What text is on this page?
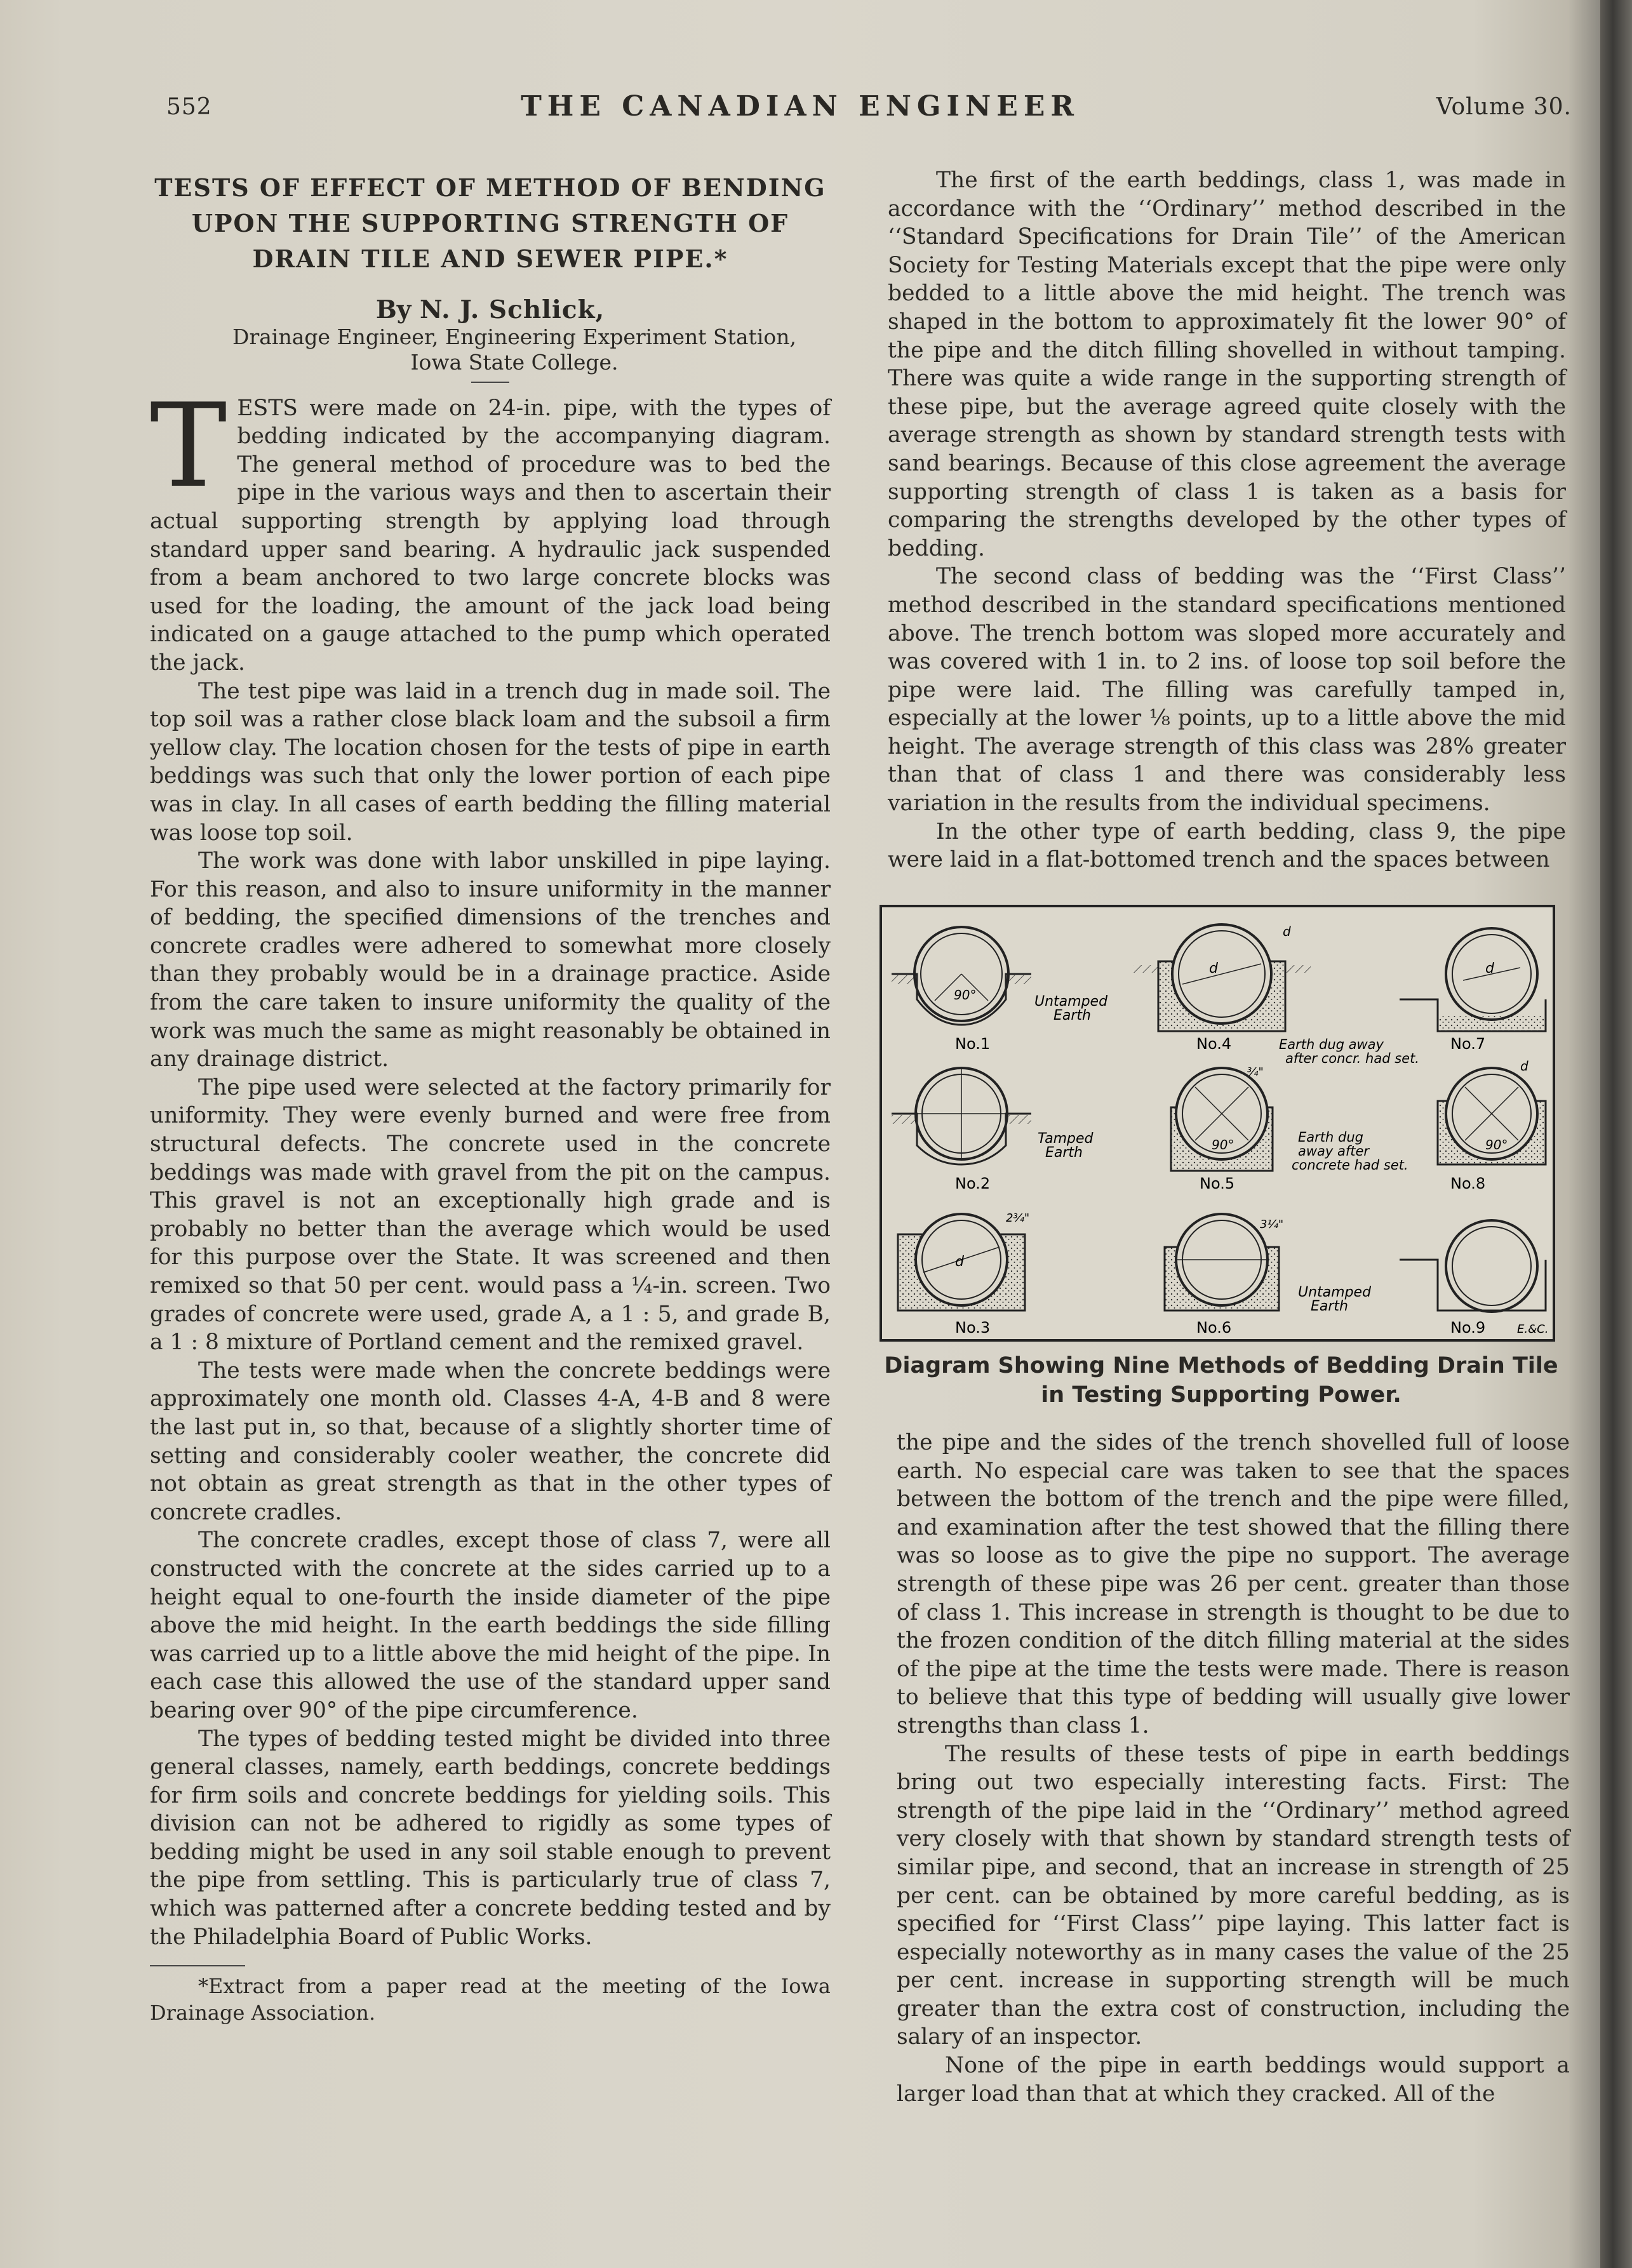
552	THE CANADIAN ENGINEER	Volume 30.
TESTS OF EFFECT OF METHOD OF BENDING UPON THE SUPPORTING STRENGTH OF DRAIN TILE AND SEWER PIPE.*

By N. J. Schlick,

Drainage Engineer, Engineering Experiment Station,

Iowa State College.

TESTS were made on 24-in. pipe, with the types of bedding indicated by the accompanying diagram. The general method of procedure was to bed the pipe in the various ways and then to ascertain their actual supporting strength by applying load through standard upper sand bearing. A hydraulic jack suspended from a beam anchored to two large concrete blocks was used for the loading, the amount of the jack load being indicated on a gauge attached to the pump which operated the jack.

The test pipe was laid in a trench dug in made soil. The top soil was a rather close black loam and the subsoil a firm yellow clay. The location chosen for the tests of pipe in earth beddings was such that only the lower portion of each pipe was in clay. In all cases of earth bedding the filling material was loose top soil.

The work was done with labor unskilled in pipe laying. For this reason, and also to insure uniformity in the manner of bedding, the specified dimensions of the trenches and concrete cradles were adhered to somewhat more closely than they probably would be in a drainage practice. Aside from the care taken to insure uniformity the quality of the work was much the same as might reasonably be obtained in any drainage district.

The pipe used were selected at the factory primarily for uniformity. They were evenly burned and were free from structural defects. The concrete used in the concrete beddings was made with gravel from the pit on the campus. This gravel is not an exceptionally high grade and is probably no better than the average which would be used for this purpose over the State. It was screened and then remixed so that 50 per cent. would pass a ¼-in. screen. Two grades of concrete were used, grade A, a 1 : 5, and grade B, a 1 : 8 mixture of Portland cement and the remixed gravel.

The tests were made when the concrete beddings were approximately one month old. Classes 4-A, 4-B and 8 were the last put in, so that, because of a slightly shorter time of setting and considerably cooler weather, the concrete did not obtain as great strength as that in the other types of concrete cradles.

The concrete cradles, except those of class 7, were all constructed with the concrete at the sides carried up to a height equal to one-fourth the inside diameter of the pipe above the mid height. In the earth beddings the side filling was carried up to a little above the mid height of the pipe. In each case this allowed the use of the standard upper sand bearing over 90° of the pipe circumference.

The types of bedding tested might be divided into three general classes, namely, earth beddings, concrete beddings for firm soils and concrete beddings for yielding soils. This division can not be adhered to rigidly as some types of bedding might be used in any soil stable enough to prevent the pipe from settling. This is particularly true of class 7, which was patterned after a concrete bedding tested and by the Philadelphia Board of Public Works.

*Extract from a paper read at the meeting of the Iowa Drainage Association.

The first of the earth beddings, class 1, was made in accordance with the ‘‘Ordinary’’ method described in the ‘‘Standard Specifications for Drain Tile’’ of the American Society for Testing Materials except that the pipe were only bedded to a little above the mid height. The trench was shaped in the bottom to approximately fit the lower 90° of the pipe and the ditch filling shovelled in without tamping. There was quite a wide range in the supporting strength of these pipe, but the average agreed quite closely with the average strength as shown by standard strength tests with sand bearings. Because of this close agreement the average supporting strength of class 1 is taken as a basis for comparing the strengths developed by the other types of bedding.

The second class of bedding was the ‘‘First Class’’ method described in the standard specifications mentioned above. The trench bottom was sloped more accurately and was covered with 1 in. to 2 ins. of loose top soil before the pipe were laid. The filling was carefully tamped in, especially at the lower ⅛ points, up to a little above the mid height. The average strength of this class was 28% greater than that of class 1 and there was considerably less variation in the results from the individual specimens.

In the other type of earth bedding, class 9, the pipe were laid in a flat-bottomed trench and the spaces between

90°	Untamped
Earth
No.1
d
d
No.4	Earth dug away
after concr. had set.
d
No.7
Tamped
Earth
No.2
90°
¾"
No.5
Earth dug
away after
concrete had set.
90°
d
No.8
d
2¾"
No.3
3¼"
No.6
Untamped
Earth
No.9	E.&C.
Diagram Showing Nine Methods of Bedding Drain Tile in Testing Supporting Power.

the pipe and the sides of the trench shovelled full of loose earth. No especial care was taken to see that the spaces between the bottom of the trench and the pipe were filled, and examination after the test showed that the filling there was so loose as to give the pipe no support. The average strength of these pipe was 26 per cent. greater than those of class 1. This increase in strength is thought to be due to the frozen condition of the ditch filling material at the sides of the pipe at the time the tests were made. There is reason to believe that this type of bedding will usually give lower strengths than class 1.

The results of these tests of pipe in earth beddings bring out two especially interesting facts. First: The strength of the pipe laid in the ‘‘Ordinary’’ method agreed very closely with that shown by standard strength tests of similar pipe, and second, that an increase in strength of 25 per cent. can be obtained by more careful bedding, as is specified for ‘‘First Class’’ pipe laying. This latter fact is especially noteworthy as in many cases the value of the 25 per cent. increase in supporting strength will be much greater than the extra cost of construction, including the salary of an inspector.

None of the pipe in earth beddings would support a larger load than that at which they cracked. All of the
